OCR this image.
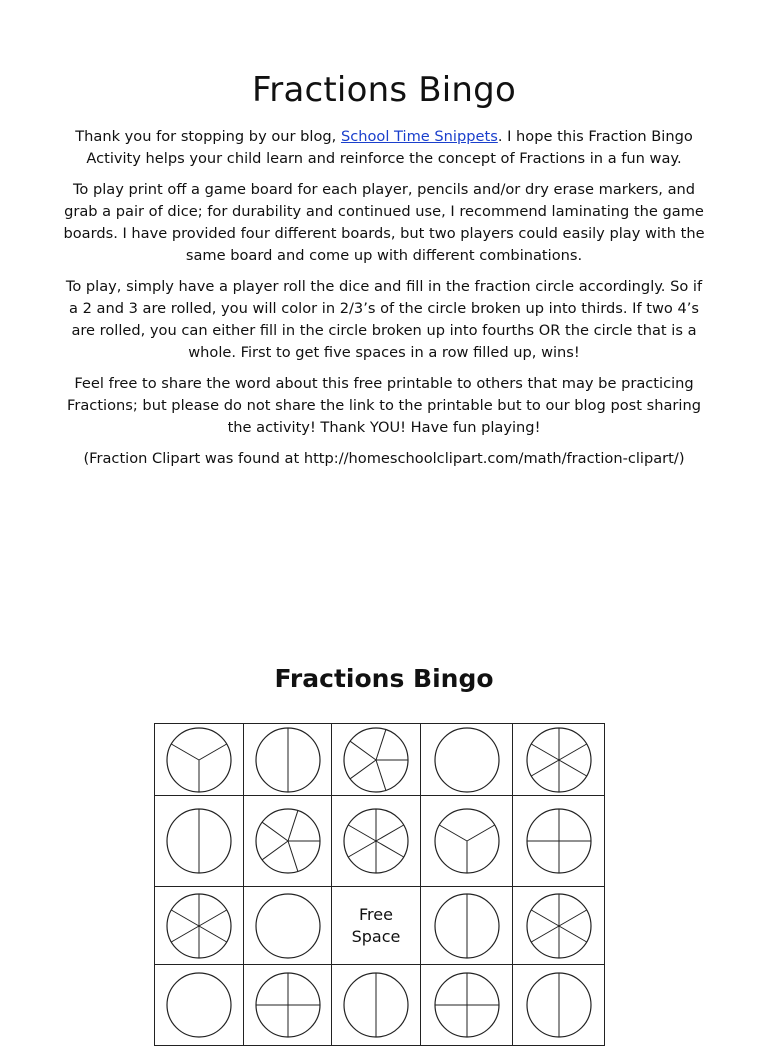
Fractions Bingo

Thank you for stopping by our blog, School Time Snippets. I hope this Fraction Bingo Activity helps your child learn and reinforce the concept of Fractions in a fun way.

To play print off a game board for each player, pencils and/or dry erase markers, and grab a pair of dice; for durability and continued use, I recommend laminating the game boards. I have provided four different boards, but two players could easily play with the same board and come up with different combinations.

To play, simply have a player roll the dice and fill in the fraction circle accordingly. So if a 2 and 3 are rolled, you will color in 2/3’s of the circle broken up into thirds. If two 4’s are rolled, you can either fill in the circle broken up into fourths OR the circle that is a whole. First to get five spaces in a row filled up, wins!

Feel free to share the word about this free printable to others that may be practicing Fractions; but please do not share the link to the printable but to our blog post sharing the activity! Thank YOU! Have fun playing!

(Fraction Clipart was found at http://homeschoolclipart.com/math/fraction-clipart/)

Fractions Bingo

Free
Space
